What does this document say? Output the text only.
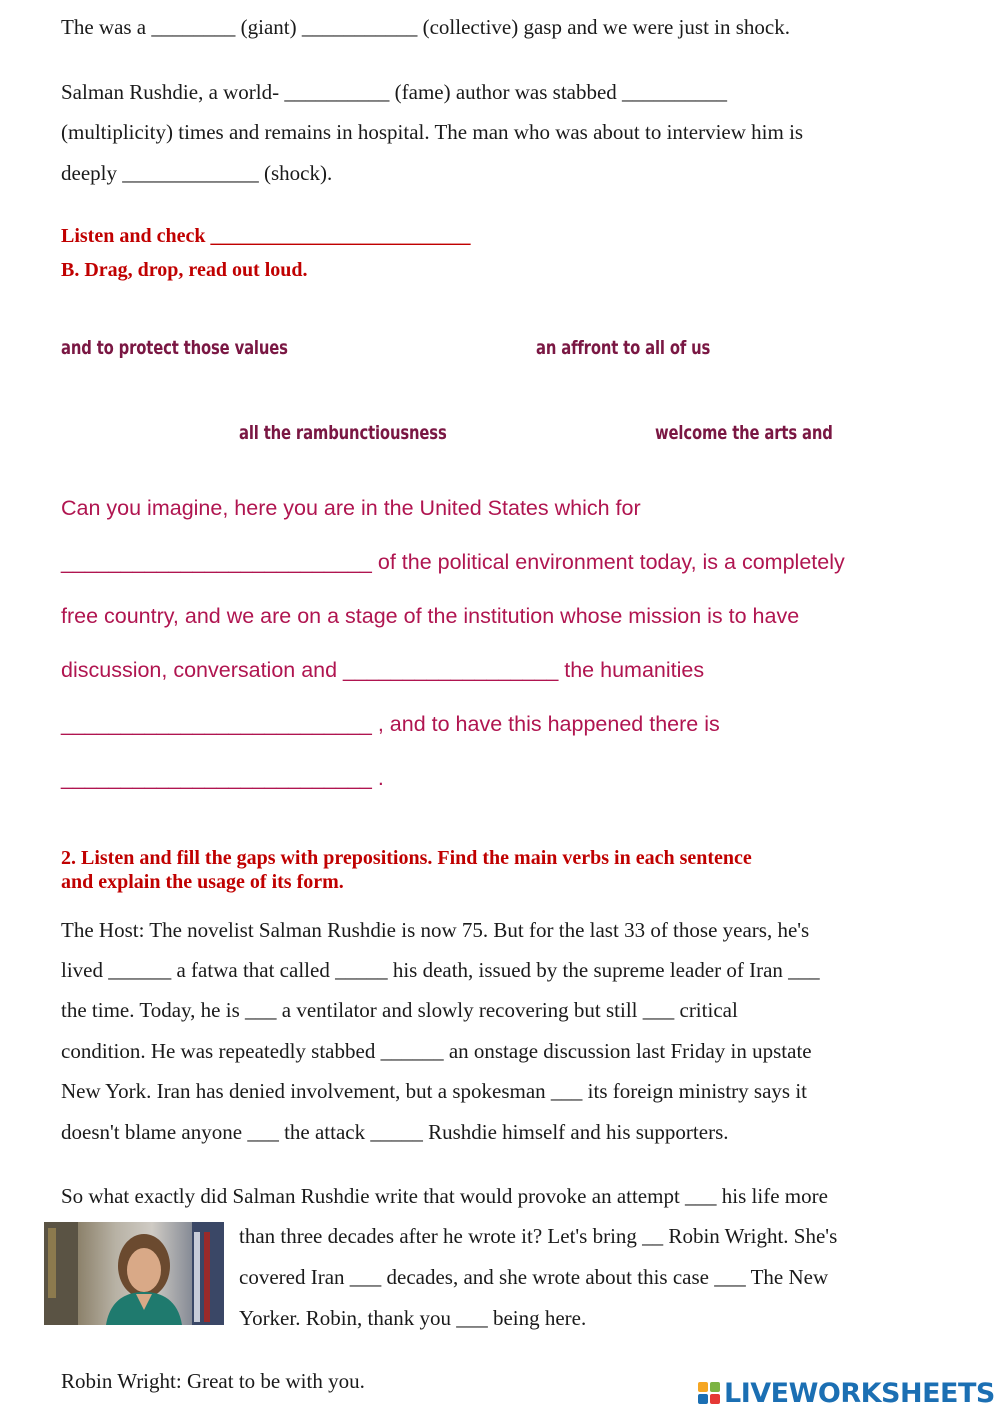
The was a ________ (giant) ___________ (collective) gasp and we were just in shock.

Salman Rushdie, a world- __________ (fame) author was stabbed __________

(multiplicity) times and remains in hospital. The man who was about to interview him is

deeply _____________ (shock).

Listen and check __________________________

B. Drag, drop, read out loud.

and to protect those values	an affront to all of us
all the rambunctiousness	welcome the arts and

Can you imagine, here you are in the United States which for

__________________________ of the political environment today, is a completely

free country, and we are on a stage of the institution whose mission is to have

discussion, conversation and __________________ the humanities

__________________________ , and to have this happened there is

__________________________ .

2. Listen and fill the gaps with prepositions. Find the main verbs in each sentence

and explain the usage of its form.

The Host: The novelist Salman Rushdie is now 75. But for the last 33 of those years, he's

lived ______ a fatwa that called _____ his death, issued by the supreme leader of Iran ___

the time. Today, he is ___ a ventilator and slowly recovering but still ___ critical

condition. He was repeatedly stabbed ______ an onstage discussion last Friday in upstate

New York. Iran has denied involvement, but a spokesman ___ its foreign ministry says it

doesn't blame anyone ___ the attack _____ Rushdie himself and his supporters.

So what exactly did Salman Rushdie write that would provoke an attempt ___ his life more

than three decades after he wrote it? Let's bring __ Robin Wright. She's

covered Iran ___ decades, and she wrote about this case ___ The New

Yorker. Robin, thank you ___ being here.

Robin Wright: Great to be with you.	LIVEWORKSHEETS
